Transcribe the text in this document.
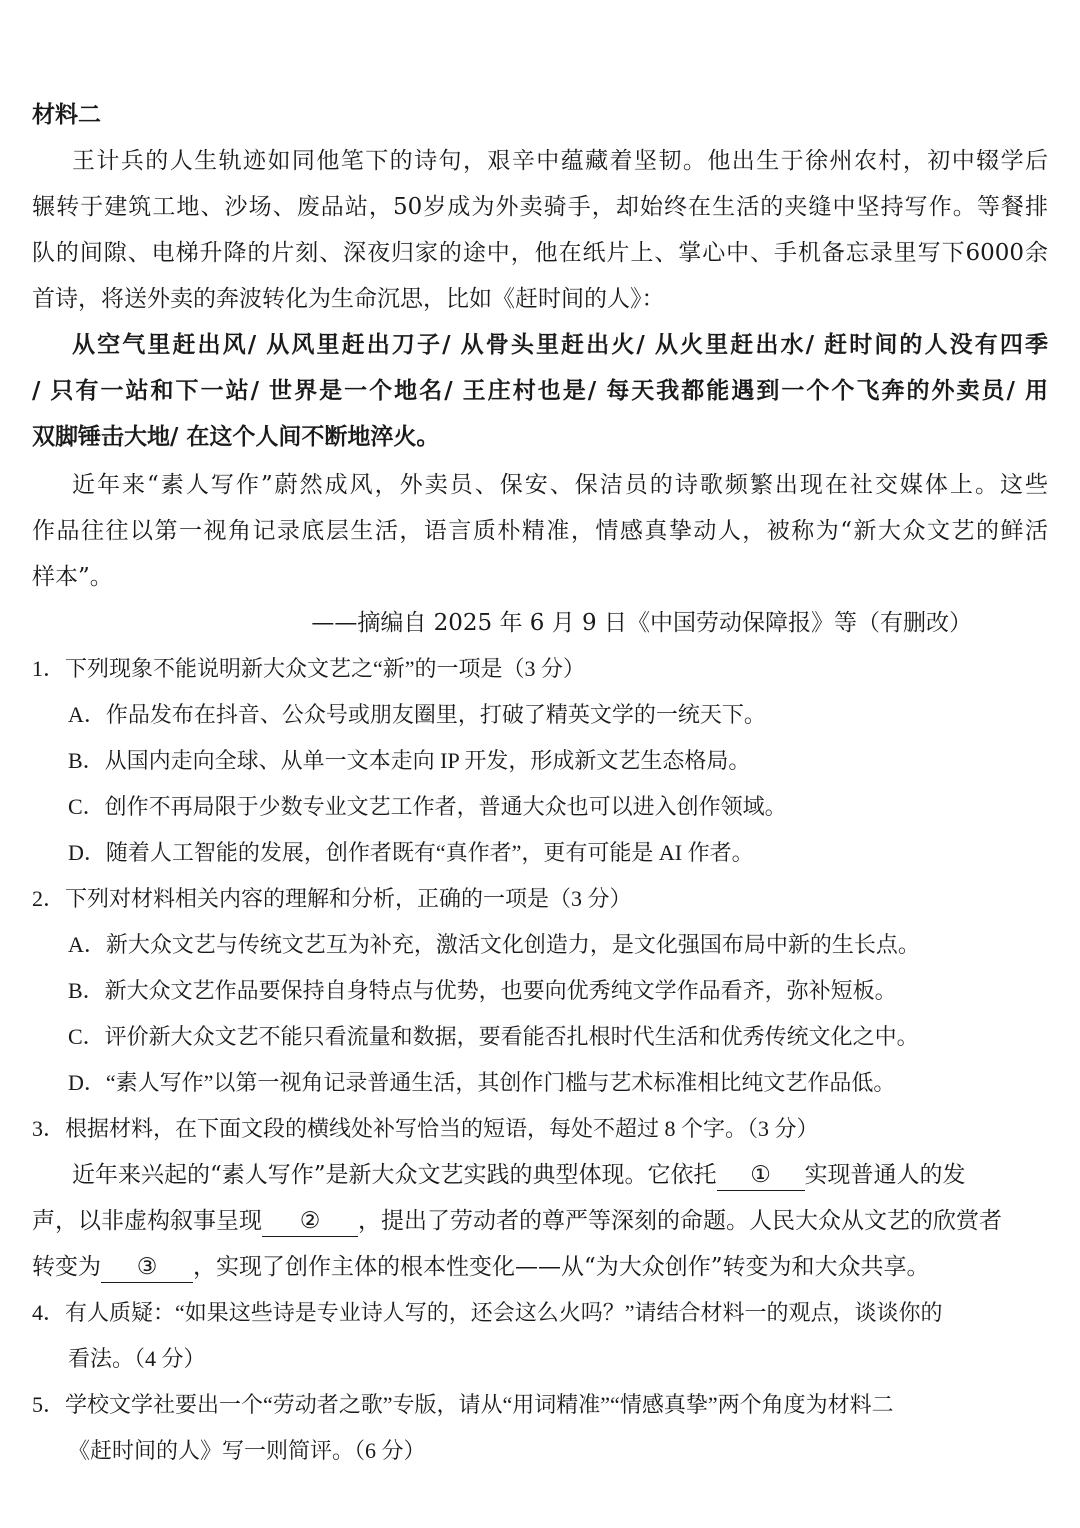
材料二
王计兵的人生轨迹如同他笔下的诗句，艰辛中蕴藏着坚韧。他出生于徐州农村，初中辍学后
辗转于建筑工地、沙场、废品站，50岁成为外卖骑手，却始终在生活的夹缝中坚持写作。等餐排
队的间隙、电梯升降的片刻、深夜归家的途中，他在纸片上、掌心中、手机备忘录里写下6000余
首诗，将送外卖的奔波转化为生命沉思，比如《赶时间的人》：
从空气里赶出风/ 从风里赶出刀子/ 从骨头里赶出火/ 从火里赶出水/ 赶时间的人没有四季
/ 只有一站和下一站/ 世界是一个地名/ 王庄村也是/ 每天我都能遇到一个个飞奔的外卖员/ 用
双脚锤击大地/ 在这个人间不断地淬火。
近年来“素人写作”蔚然成风，外卖员、保安、保洁员的诗歌频繁出现在社交媒体上。这些
作品往往以第一视角记录底层生活，语言质朴精准，情感真挚动人，被称为“新大众文艺的鲜活
样本”。
——摘编自 2025 年 6 月 9 日《中国劳动保障报》等（有删改）
1．下列现象不能说明新大众文艺之“新”的一项是（3 分）
A．作品发布在抖音、公众号或朋友圈里，打破了精英文学的一统天下。
B．从国内走向全球、从单一文本走向 IP 开发，形成新文艺生态格局。
C．创作不再局限于少数专业文艺工作者，普通大众也可以进入创作领域。
D．随着人工智能的发展，创作者既有“真作者”，更有可能是 AI 作者。
2．下列对材料相关内容的理解和分析，正确的一项是（3 分）
A．新大众文艺与传统文艺互为补充，激活文化创造力，是文化强国布局中新的生长点。
B．新大众文艺作品要保持自身特点与优势，也要向优秀纯文学作品看齐，弥补短板。
C．评价新大众文艺不能只看流量和数据，要看能否扎根时代生活和优秀传统文化之中。
D．“素人写作”以第一视角记录普通生活，其创作门槛与艺术标准相比纯文艺作品低。
3．根据材料，在下面文段的横线处补写恰当的短语，每处不超过 8 个字。（3 分）
近年来兴起的“素人写作”是新大众文艺实践的典型体现。它依托 ① 实现普通人的发
声，以非虚构叙事呈现 ② ，提出了劳动者的尊严等深刻的命题。人民大众从文艺的欣赏者
转变为 ③ ，实现了创作主体的根本性变化——从“为大众创作”转变为和大众共享。
4．有人质疑：“如果这些诗是专业诗人写的，还会这么火吗？”请结合材料一的观点，谈谈你的
看法。（4 分）
5．学校文学社要出一个“劳动者之歌”专版，请从“用词精准”“情感真挚”两个角度为材料二
《赶时间的人》写一则简评。（6 分）
